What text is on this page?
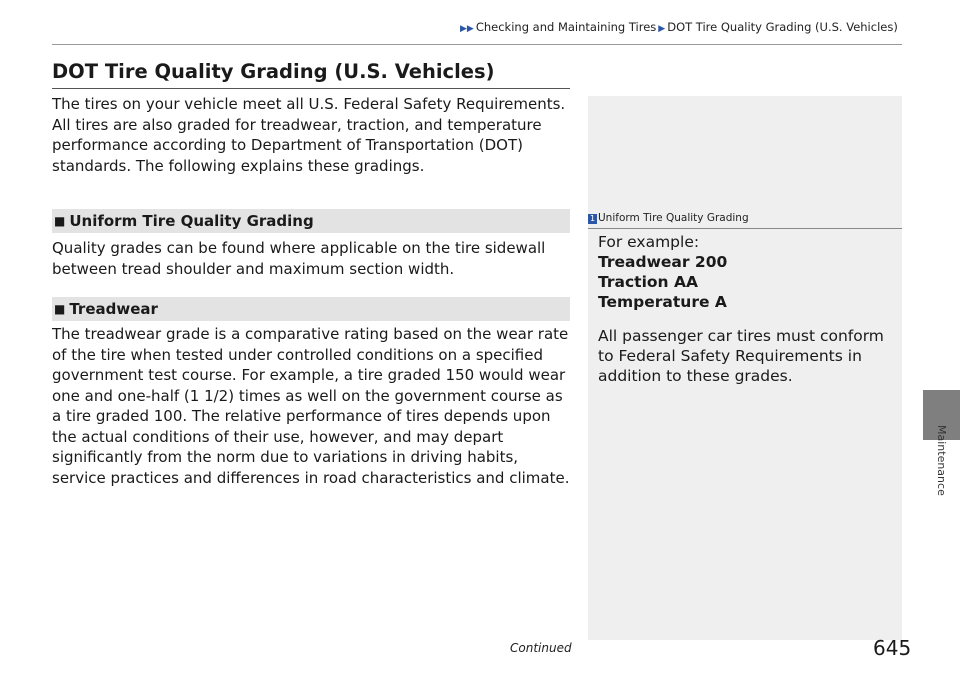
▶▶ Checking and Maintaining Tires ▶ DOT Tire Quality Grading (U.S. Vehicles)
DOT Tire Quality Grading (U.S. Vehicles)

The tires on your vehicle meet all U.S. Federal Safety Requirements. All tires are also graded for treadwear, traction, and temperature performance according to Department of Transportation (DOT) standards. The following explains these gradings.

■ Uniform Tire Quality Grading

Quality grades can be found where applicable on the tire sidewall between tread shoulder and maximum section width.

■ Treadwear

The treadwear grade is a comparative rating based on the wear rate of the tire when tested under controlled conditions on a specified government test course. For example, a tire graded 150 would wear one and one-half (1 1/2) times as well on the government course as a tire graded 100. The relative performance of tires depends upon the actual conditions of their use, however, and may depart significantly from the norm due to variations in driving habits, service practices and differences in road characteristics and climate.

1 Uniform Tire Quality Grading
For example:
Treadwear 200
Traction AA
Temperature A
All passenger car tires must conform to Federal Safety Requirements in addition to these grades.
Maintenance
Continued	645
